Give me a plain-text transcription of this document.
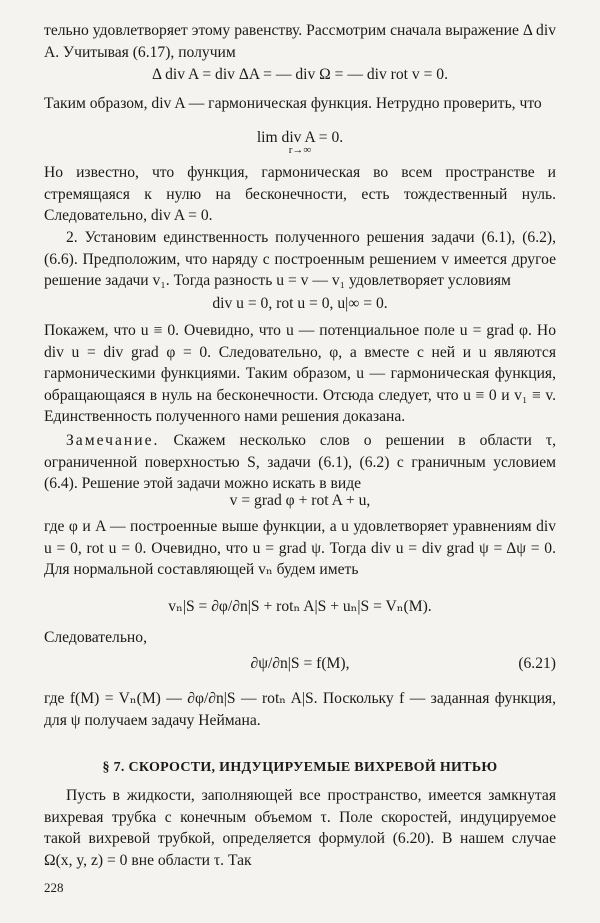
тельно удовлетворяет этому равенству. Рассмотрим сначала выражение Δ div A. Учитывая (6.17), получим
Δ div A = div ΔA = — div Ω = — div rot v = 0.
Таким образом, div A — гармоническая функция. Нетрудно проверить, что
lim div A = 0.
r→∞
Но известно, что функция, гармоническая во всем пространстве и стремящаяся к нулю на бесконечности, есть тождественный нуль. Следовательно, div A = 0.
2. Установим единственность полученного решения задачи (6.1), (6.2), (6.6). Предположим, что наряду с построенным решением v имеется другое решение задачи v₁. Тогда разность u = v — v₁ удовлетворяет условиям
div u = 0, rot u = 0, u|∞ = 0.
Покажем, что u ≡ 0. Очевидно, что u — потенциальное поле u = grad φ. Но div u = div grad φ = 0. Следовательно, φ, а вместе с ней и u являются гармоническими функциями. Таким образом, u — гармоническая функция, обращающаяся в нуль на бесконечности. Отсюда следует, что u ≡ 0 и v₁ ≡ v. Единственность полученного нами решения доказана.
Замечание. Скажем несколько слов о решении в области τ, ограниченной поверхностью S, задачи (6.1), (6.2) с граничным условием (6.4). Решение этой задачи можно искать в виде
v = grad φ + rot A + u,
где φ и A — построенные выше функции, а u удовлетворяет уравнениям div u = 0, rot u = 0. Очевидно, что u = grad ψ. Тогда div u = div grad ψ = Δψ = 0. Для нормальной составляющей vₙ будем иметь
vₙ|S = ∂φ/∂n|S + rotₙ A|S + uₙ|S = Vₙ(M).
Следовательно,
∂ψ/∂n|S = f(M),	(6.21)
где f(M) = Vₙ(M) — ∂φ/∂n|S — rotₙ A|S. Поскольку f — заданная функция, для ψ получаем задачу Неймана.
§ 7. СКОРОСТИ, ИНДУЦИРУЕМЫЕ ВИХРЕВОЙ НИТЬЮ
Пусть в жидкости, заполняющей все пространство, имеется замкнутая вихревая трубка с конечным объемом τ. Поле скоростей, индуцируемое такой вихревой трубкой, определяется формулой (6.20). В нашем случае Ω(x, y, z) = 0 вне области τ. Так
228
